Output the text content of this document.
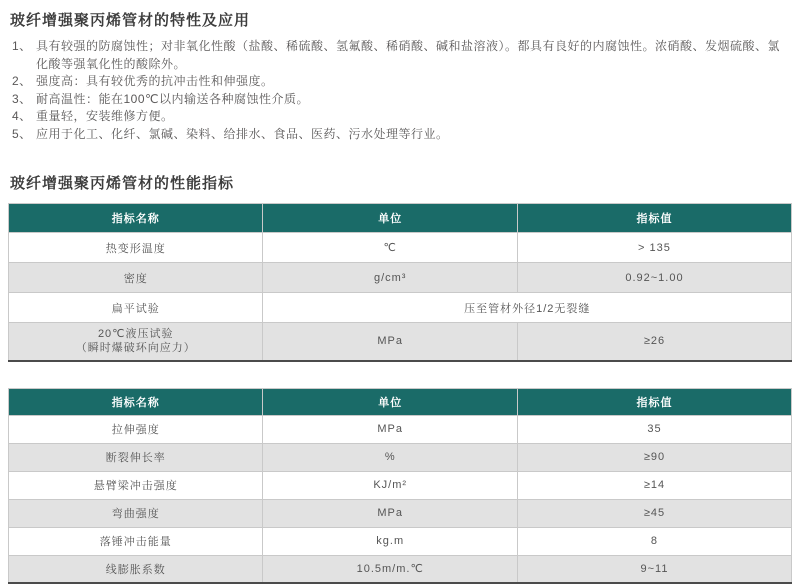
玻纤增强聚丙烯管材的特性及应用
1、 具有较强的防腐蚀性；对非氧化性酸（盐酸、稀硫酸、氢氟酸、稀硝酸、碱和盐溶液）。都具有良好的内腐蚀性。浓硝酸、发烟硫酸、氯化酸等强氧化性的酸除外。
2、 强度高：具有较优秀的抗冲击性和伸强度。
3、 耐高温性：能在100℃以内输送各种腐蚀性介质。
4、 重量轻，安装维修方便。
5、 应用于化工、化纤、氯碱、染料、给排水、食品、医药、污水处理等行业。
玻纤增强聚丙烯管材的性能指标
指标名称	单位	指标值
热变形温度	℃	> 135
密度	g/cm³	0.92~1.00
扁平试验	压至管材外径1/2无裂缝	

20℃液压试验
（瞬时爆破环向应力）	MPa	≥26
指标名称	单位	指标值
拉伸强度	MPa	35
断裂伸长率	%	≥90
悬臂梁冲击强度	KJ/m²	≥14
弯曲强度	MPa	≥45
落锤冲击能量	kg.m	8
线膨胀系数	10.5m/m.℃	9~11
